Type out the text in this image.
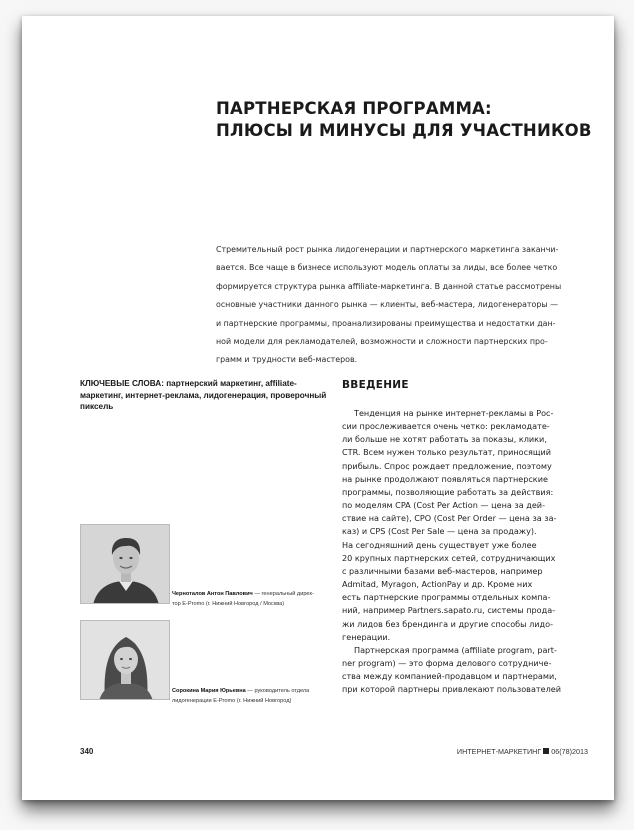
ПАРТНЕРСКАЯ ПРОГРАММА:
ПЛЮСЫ И МИНУСЫ ДЛЯ УЧАСТНИКОВ
Стремительный рост рынка лидогенерации и партнерского маркетинга заканчи-
вается. Все чаще в бизнесе используют модель оплаты за лиды, все более четко
формируется структура рынка affiliate-маркетинга. В данной статье рассмотрены
основные участники данного рынка — клиенты, веб-мастера, лидогенераторы —
и партнерские программы, проанализированы преимущества и недостатки дан-
ной модели для рекламодателей, возможности и сложности партнерских про-
грамм и трудности веб-мастеров.
КЛЮЧЕВЫЕ СЛОВА: партнерский маркетинг, affiliate-
маркетинг, интернет-реклама, лидогенерация, проверочный
пиксель

Черноталов Антон Павлович — генеральный дирек-
тор E-Promo (г. Нижний Новгород / Москва)

Сорокина Мария Юрьевна — руководитель отдела
лидогенерации E-Promo (г. Нижний Новгород)

ВВЕДЕНИЕ
Тенденция на рынке интернет-рекламы в Рос-
сии прослеживается очень четко: рекламодате-
ли больше не хотят работать за показы, клики,
CTR. Всем нужен только результат, приносящий
прибыль. Спрос рождает предложение, поэтому
на рынке продолжают появляться партнерские
программы, позволяющие работать за действия:
по моделям CPA (Cost Per Action — цена за дей-
ствие на сайте), CPO (Cost Per Order — цена за за-
каз) и CPS (Cost Per Sale — цена за продажу).
На сегодняшний день существует уже более
20 крупных партнерских сетей, сотрудничающих
с различными базами веб-мастеров, например
Admitad, Myragon, ActionPay и др. Кроме них
есть партнерские программы отдельных компа-
ний, например Partners.sapato.ru, системы прода-
жи лидов без брендинга и другие способы лидо-
генерации.
Партнерская программа (affiliate program, part-
ner program) — это форма делового сотрудниче-
ства между компанией-продавцом и партнерами,
при которой партнеры привлекают пользователей
340	ИНТЕРНЕТ-МАРКЕТИНГ 06(78)2013
